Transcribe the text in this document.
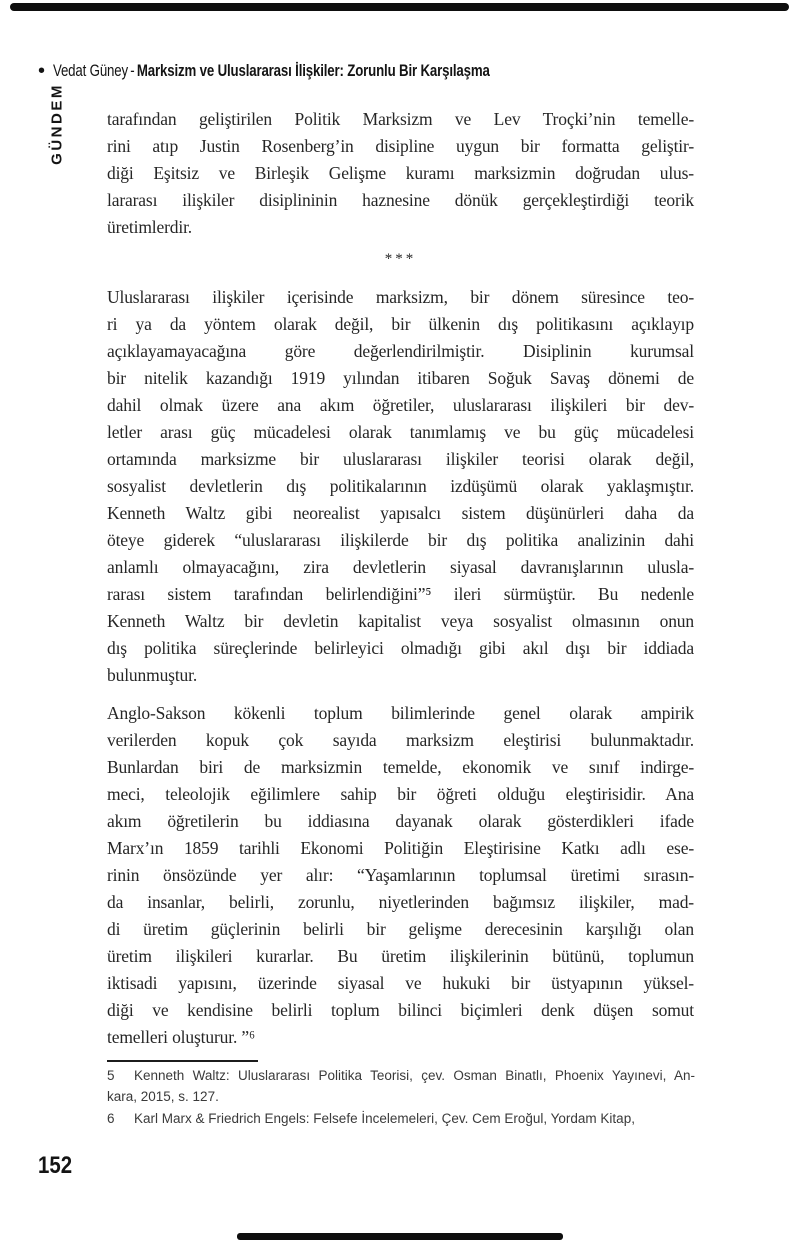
• Vedat Güney - Marksizm ve Uluslararası İlişkiler: Zorunlu Bir Karşılaşma
GÜNDEM tarafından geliştirilen Politik Marksizm ve Lev Troçki’nin temelle-
rini atıp Justin Rosenberg’in disipline uygun bir formatta geliştir-
diği Eşitsiz ve Birleşik Gelişme kuramı marksizmin doğrudan ulus-
lararası ilişkiler disiplininin haznesine dönük gerçekleştirdiği teorik
üretimlerdir.
***
Uluslararası ilişkiler içerisinde marksizm, bir dönem süresince teo-
ri ya da yöntem olarak değil, bir ülkenin dış politikasını açıklayıp
açıklayamayacağına göre değerlendirilmiştir. Disiplinin kurumsal
bir nitelik kazandığı 1919 yılından itibaren Soğuk Savaş dönemi de
dahil olmak üzere ana akım öğretiler, uluslararası ilişkileri bir dev-
letler arası güç mücadelesi olarak tanımlamış ve bu güç mücadelesi
ortamında marksizme bir uluslararası ilişkiler teorisi olarak değil,
sosyalist devletlerin dış politikalarının izdüşümü olarak yaklaşmıştır.
Kenneth Waltz gibi neorealist yapısalcı sistem düşünürleri daha da
öteye giderek “uluslararası ilişkilerde bir dış politika analizinin dahi
anlamlı olmayacağını, zira devletlerin siyasal davranışlarının ulusla-
rarası sistem tarafından belirlendiğini”⁵ ileri sürmüştür. Bu nedenle
Kenneth Waltz bir devletin kapitalist veya sosyalist olmasının onun
dış politika süreçlerinde belirleyici olmadığı gibi akıl dışı bir iddiada
bulunmuştur.
Anglo-Sakson kökenli toplum bilimlerinde genel olarak ampirik
verilerden kopuk çok sayıda marksizm eleştirisi bulunmaktadır.
Bunlardan biri de marksizmin temelde, ekonomik ve sınıf indirge-
meci, teleolojik eğilimlere sahip bir öğreti olduğu eleştirisidir. Ana
akım öğretilerin bu iddiasına dayanak olarak gösterdikleri ifade
Marx’ın 1859 tarihli Ekonomi Politiğin Eleştirisine Katkı adlı ese-
rinin önsözünde yer alır: “Yaşamlarının toplumsal üretimi sırasın-
da insanlar, belirli, zorunlu, niyetlerinden bağımsız ilişkiler, mad-
di üretim güçlerinin belirli bir gelişme derecesinin karşılığı olan
üretim ilişkileri kurarlar. Bu üretim ilişkilerinin bütünü, toplumun
iktisadi yapısını, üzerinde siyasal ve hukuki bir üstyapının yüksel-
diği ve kendisine belirli toplum bilinci biçimleri denk düşen somut
temelleri oluşturur. ”⁶
5 Kenneth Waltz: Uluslararası Politika Teorisi, çev. Osman Binatlı, Phoenix Yayınevi, An-
kara, 2015, s. 127.
6 Karl Marx & Friedrich Engels: Felsefe İncelemeleri, Çev. Cem Eroğul, Yordam Kitap,
152
